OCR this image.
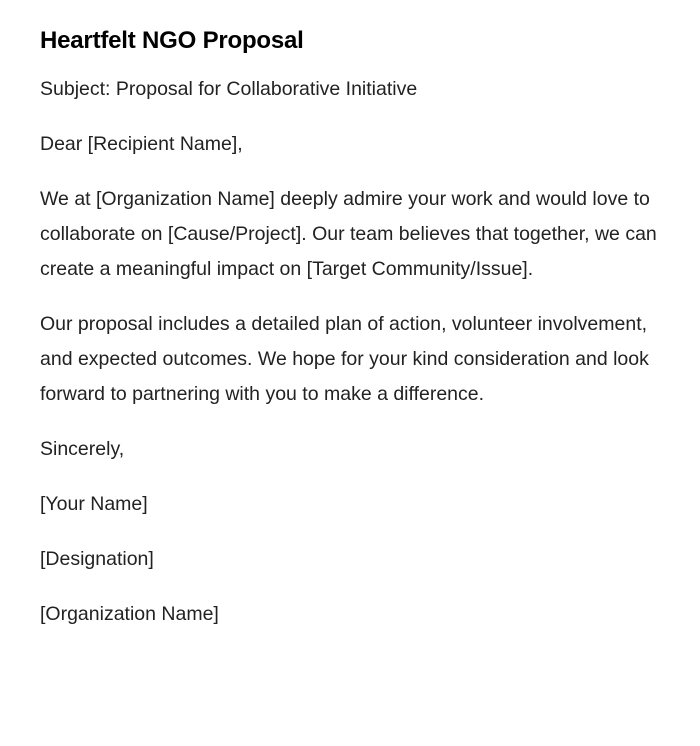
Heartfelt NGO Proposal

Subject: Proposal for Collaborative Initiative

Dear [Recipient Name],

We at [Organization Name] deeply admire your work and would love to collaborate on [Cause/Project]. Our team believes that together, we can create a meaningful impact on [Target Community/Issue].

Our proposal includes a detailed plan of action, volunteer involvement, and expected outcomes. We hope for your kind consideration and look forward to partnering with you to make a difference.

Sincerely,

[Your Name]

[Designation]

[Organization Name]
